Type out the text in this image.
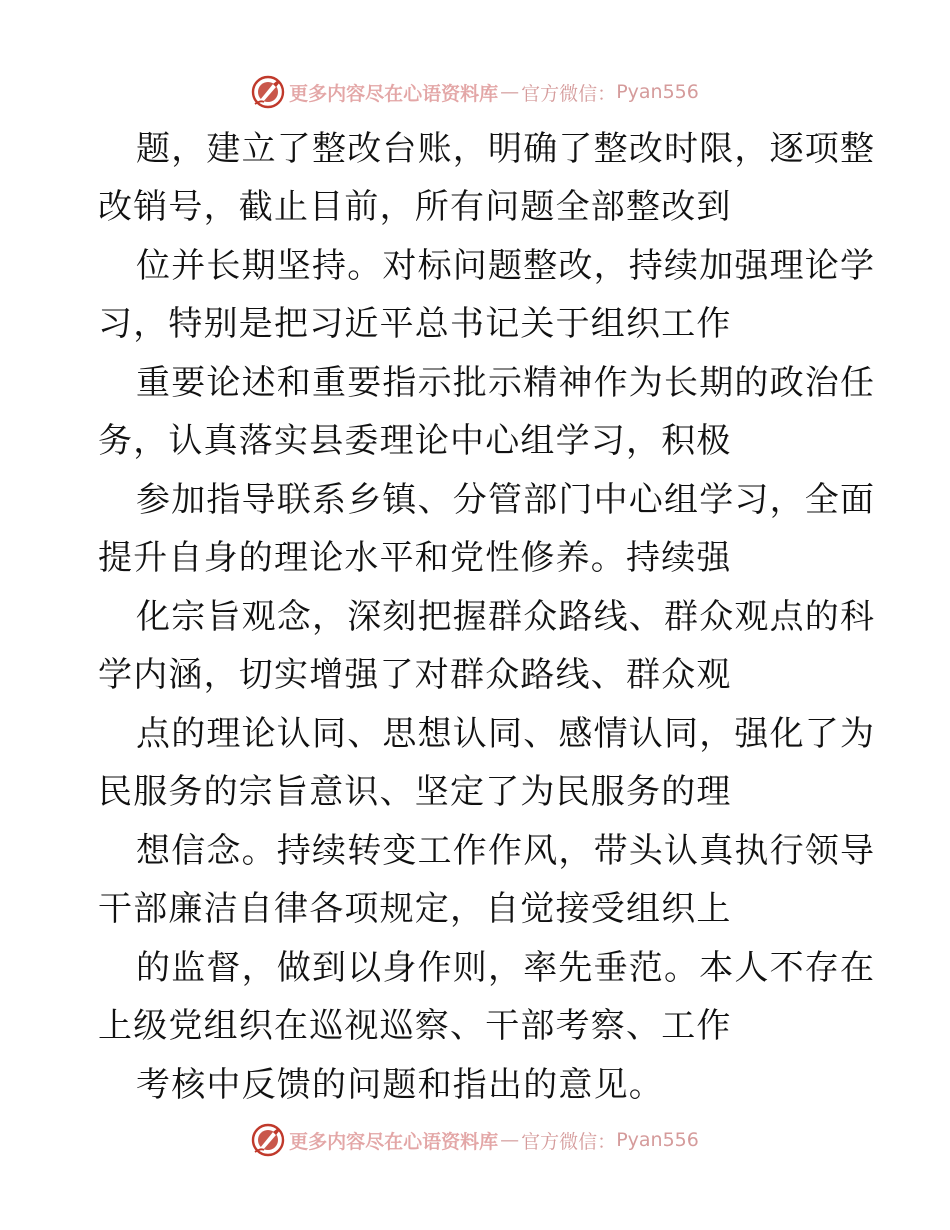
更多内容尽在心语资料库 — 官方微信： Pyan556
题，建立了整改台账，明确了整改时限，逐项整
改销号，截止目前，所有问题全部整改到
位并长期坚持。对标问题整改，持续加强理论学
习，特别是把习近平总书记关于组织工作
重要论述和重要指示批示精神作为长期的政治任
务，认真落实县委理论中心组学习，积极
参加指导联系乡镇、分管部门中心组学习，全面
提升自身的理论水平和党性修养。持续强
化宗旨观念，深刻把握群众路线、群众观点的科
学内涵，切实增强了对群众路线、群众观
点的理论认同、思想认同、感情认同，强化了为
民服务的宗旨意识、坚定了为民服务的理
想信念。持续转变工作作风，带头认真执行领导
干部廉洁自律各项规定，自觉接受组织上
的监督，做到以身作则，率先垂范。本人不存在
上级党组织在巡视巡察、干部考察、工作
考核中反馈的问题和指出的意见。
更多内容尽在心语资料库 — 官方微信： Pyan556
